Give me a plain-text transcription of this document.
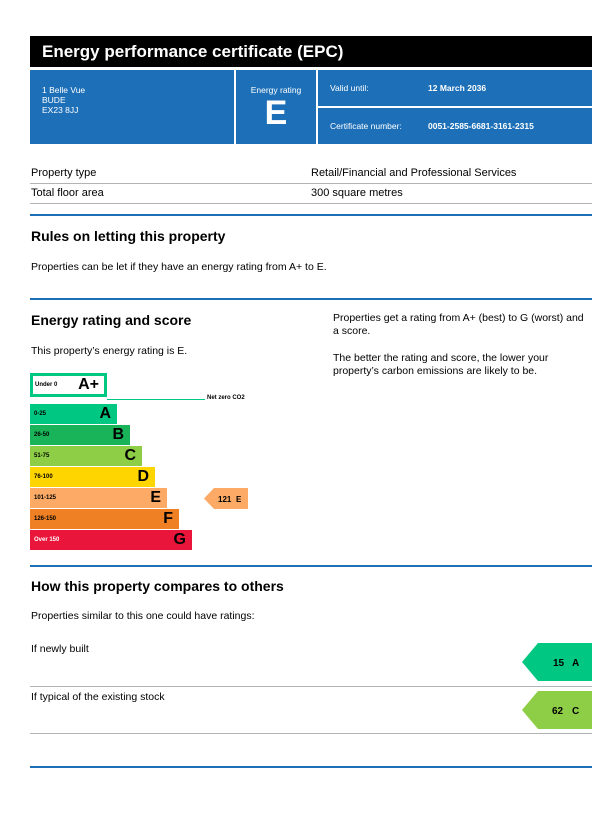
Energy performance certificate (EPC)
1 Belle Vue
BUDE
EX23 8JJ
Energy rating
E
Valid until:	12 March 2036
Certificate number:	0051-2585-6681-3161-2315
Property type	Retail/Financial and Professional Services
Total floor area	300 square metres
Rules on letting this property
Properties can be let if they have an energy rating from A+ to E.
Energy rating and score
This property’s energy rating is E.
Properties get a rating from A+ (best) to G (worst) and a score.
The better the rating and score, the lower your property’s carbon emissions are likely to be.
Under 0 A+
Net zero CO2
0-25	A
26-50	B
51-75	C
76-100	D
101-125	E
126-150	F
Over 150	G
121 E
How this property compares to others
Properties similar to this one could have ratings:
If newly built
15 A
If typical of the existing stock
62 C
